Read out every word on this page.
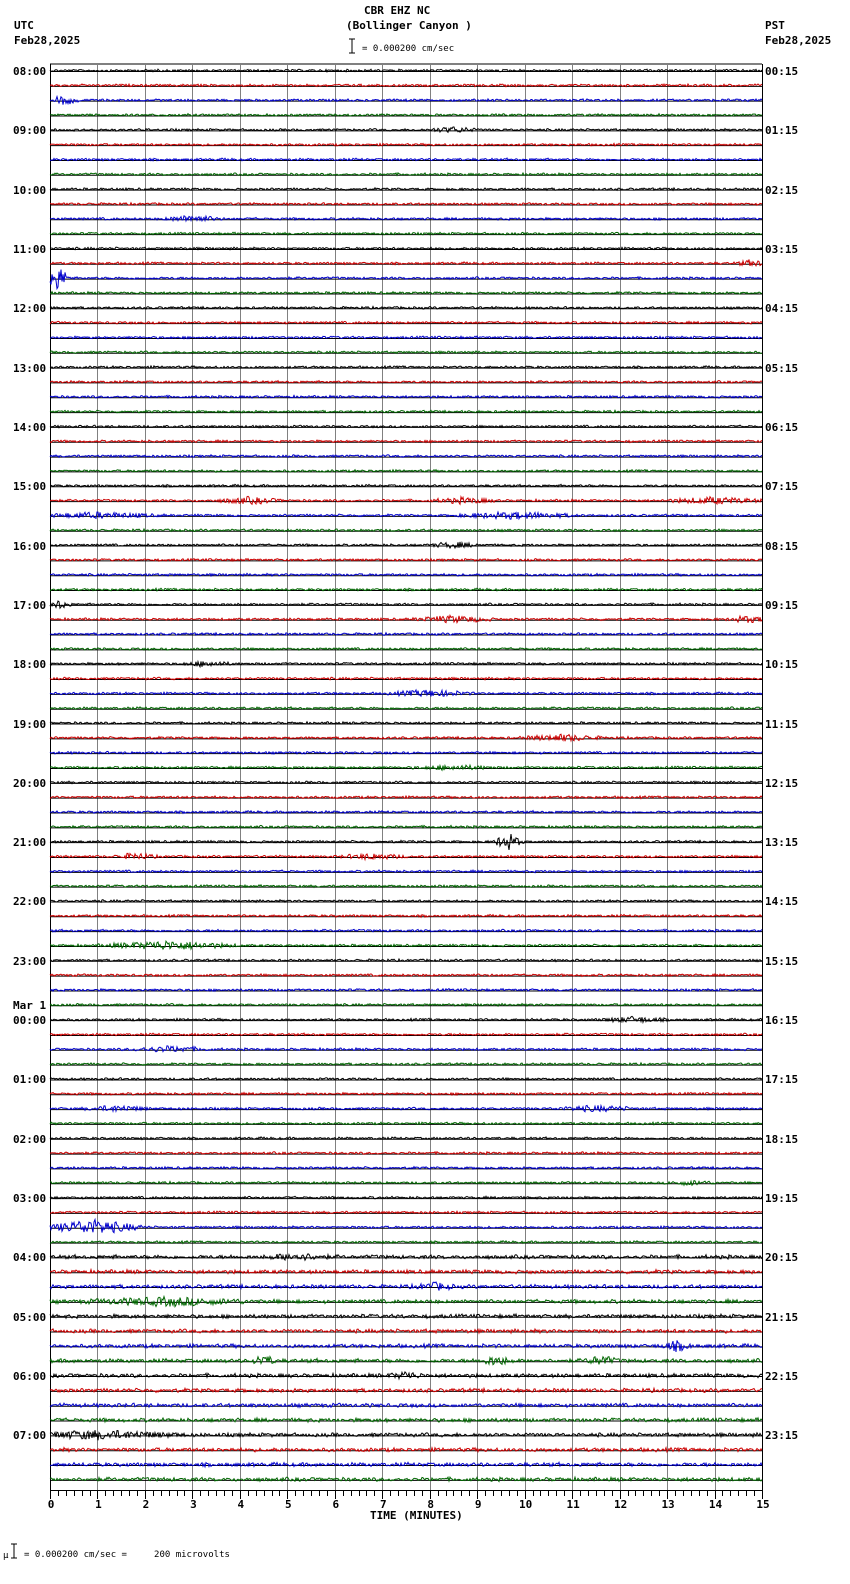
UTC
Feb28,2025
CBR EHZ NC
(Bollinger Canyon )	PST
Feb28,2025
= 0.000200 cm/sec
0	1	2	3	4	5	6	7	8	9	10	11	12	13	14	15
08:00
09:00
10:00
11:00
12:00
13:00
14:00
15:00
16:00
17:00
18:00
19:00
20:00
21:00
22:00
23:00
Mar 1
00:00
01:00
02:00
03:00
04:00
05:00
06:00
07:00
00:15
01:15
02:15
03:15
04:15
05:15
06:15
07:15
08:15
09:15
10:15
11:15
12:15
13:15
14:15
15:15
16:15
17:15
18:15
19:15
20:15
21:15
22:15
23:15
TIME (MINUTES)
μ = 0.000200 cm/sec =     200 microvolts
